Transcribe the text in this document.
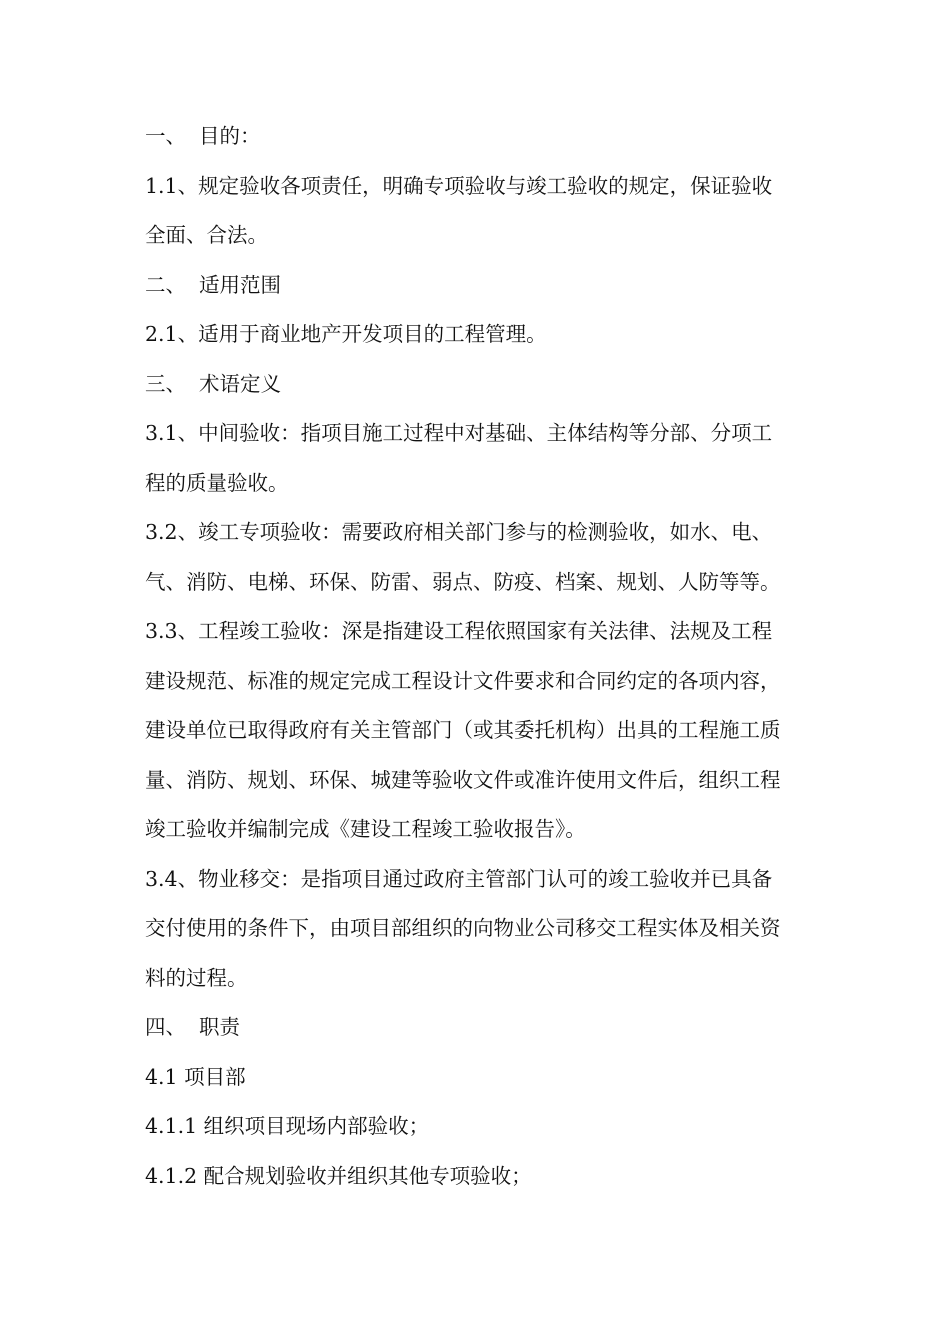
一、 目的：
1.1、规定验收各项责任，明确专项验收与竣工验收的规定，保证验收
全面、合法。
二、 适用范围
2.1、适用于商业地产开发项目的工程管理。
三、 术语定义
3.1、中间验收：指项目施工过程中对基础、主体结构等分部、分项工
程的质量验收。
3.2、竣工专项验收：需要政府相关部门参与的检测验收，如水、电、
气、消防、电梯、环保、防雷、弱点、防疫、档案、规划、人防等等。
3.3、工程竣工验收：深是指建设工程依照国家有关法律、法规及工程
建设规范、标准的规定完成工程设计文件要求和合同约定的各项内容，
建设单位已取得政府有关主管部门（或其委托机构）出具的工程施工质
量、消防、规划、环保、城建等验收文件或准许使用文件后，组织工程
竣工验收并编制完成《建设工程竣工验收报告》。
3.4、物业移交：是指项目通过政府主管部门认可的竣工验收并已具备
交付使用的条件下，由项目部组织的向物业公司移交工程实体及相关资
料的过程。
四、 职责
4.1 项目部
4.1.1 组织项目现场内部验收；
4.1.2 配合规划验收并组织其他专项验收；
